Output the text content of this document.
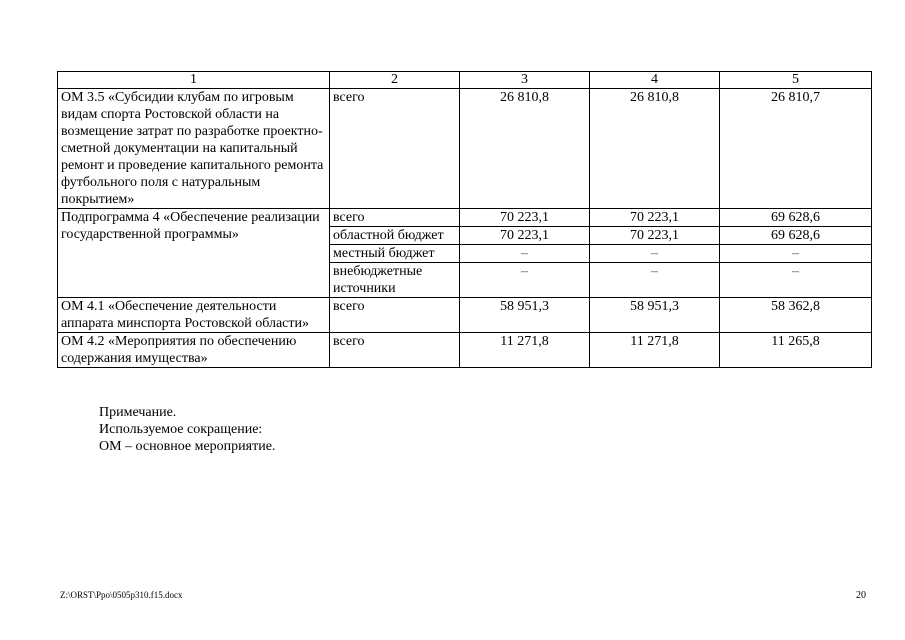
1	2	3	4	5
ОМ 3.5 «Субсидии клубам по игровым видам спорта Ростовской области на возмещение затрат по разработке проектно-сметной документации на капитальный ремонт и проведение капитального ремонта футбольного поля с натуральным покрытием»	всего	26 810,8	26 810,8	26 810,7
Подпрограмма 4 «Обеспечение реализации государственной программы»	всего	70 223,1	70 223,1	69 628,6
	областной бюджет	70 223,1	70 223,1	69 628,6
	местный бюджет	–	–	–
	внебюджетные источники	–	–	–
ОМ 4.1 «Обеспечение деятельности аппарата минспорта Ростовской области»	всего	58 951,3	58 951,3	58 362,8
ОМ 4.2 «Мероприятия по обеспечению содержания имущества»	всего	11 271,8	11 271,8	11 265,8
Примечание.
Используемое сокращение:
ОМ – основное мероприятие.
Z:\ORST\Ppo\0505p310.f15.docx	20
